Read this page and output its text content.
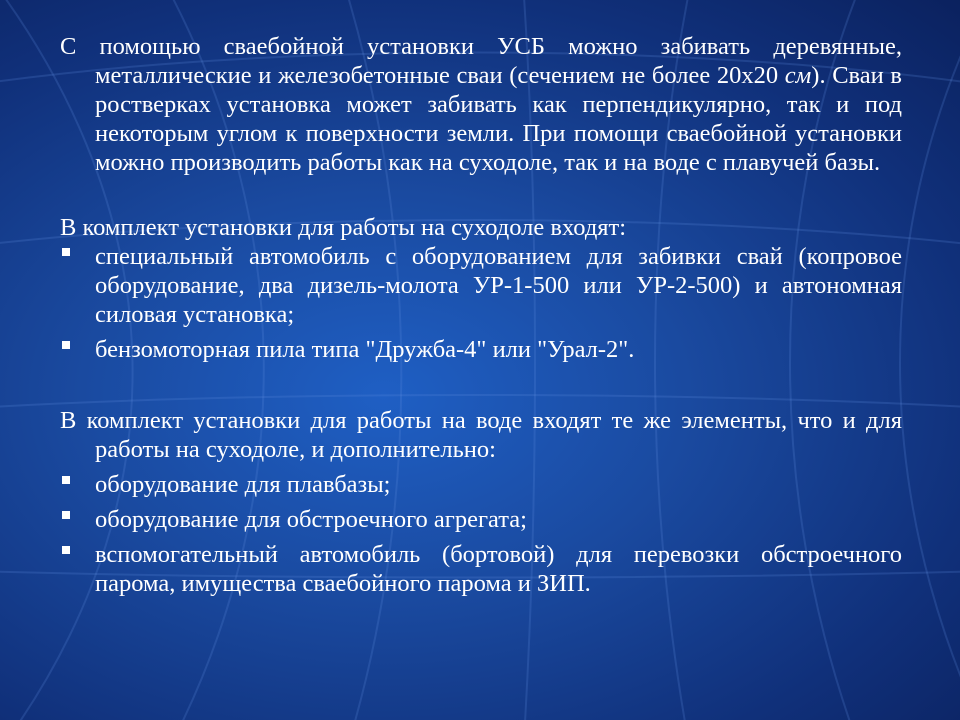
С помощью сваебойной установки УСБ можно забивать деревянные, металлические и железобетонные сваи (сечением не более 20х20 см). Сваи в ростверках установка может забивать как перпендикулярно, так и под некоторым углом к поверхности земли. При помощи сваебойной установки можно производить работы как на суходоле, так и на воде с плавучей базы.

В комплект установки для работы на суходоле входят:

специальный автомобиль с оборудованием для забивки свай (копровое оборудование, два дизель-молота УР-1-500 или УР-2-500) и автономная силовая установка;
бензомоторная пила типа "Дружба-4" или "Урал-2".

В комплект установки для работы на воде входят те же элементы, что и для работы на суходоле, и дополнительно:

оборудование для плавбазы;
оборудование для обстроечного агрегата;
вспомогательный автомобиль (бортовой) для перевозки обстроечного парома, имущества сваебойного парома и ЗИП.
